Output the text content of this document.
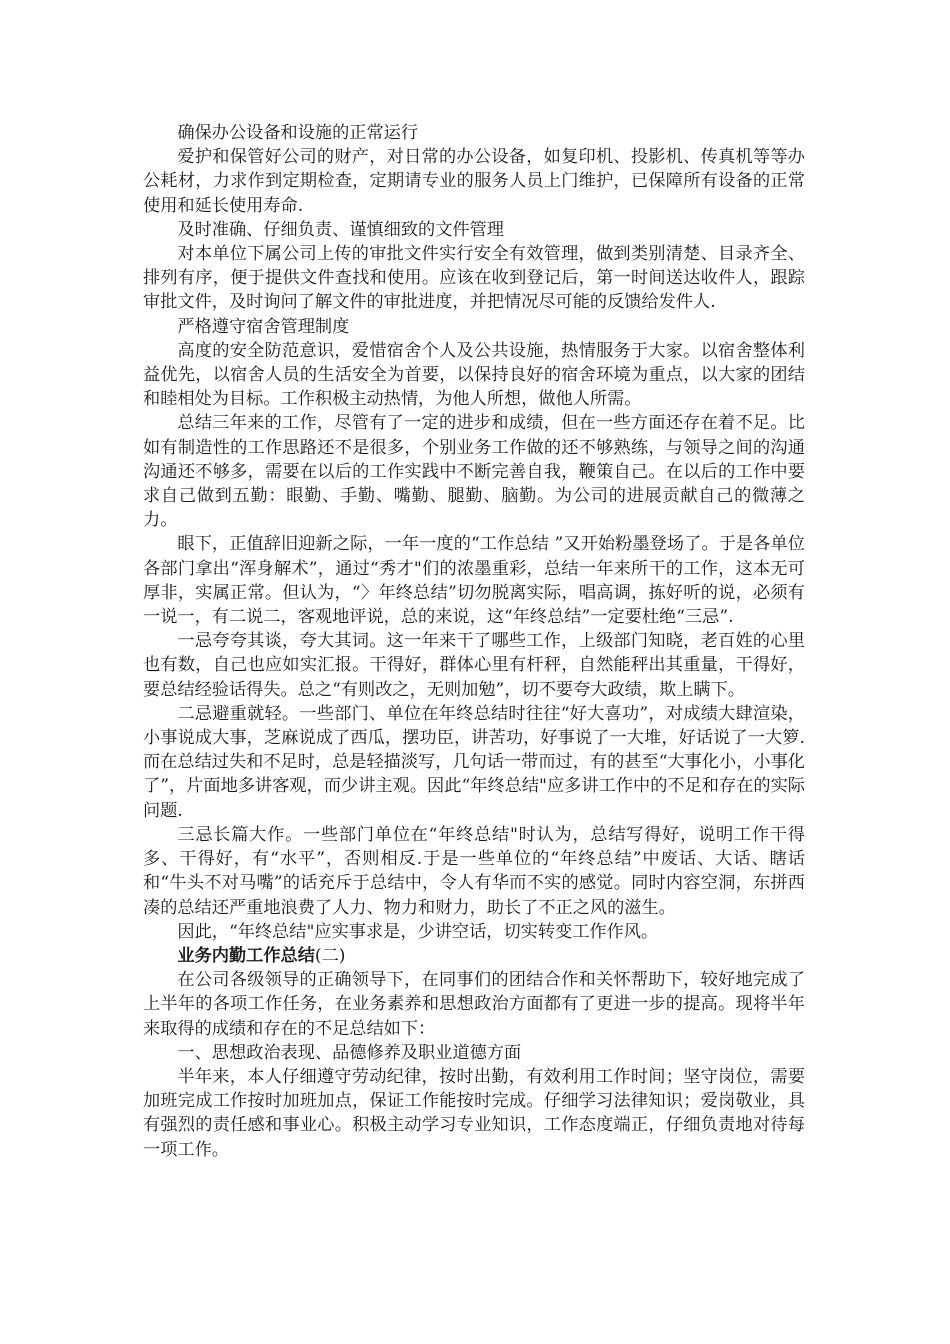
确保办公设备和设施的正常运行

爱护和保管好公司的财产，对日常的办公设备，如复印机、投影机、传真机等等办公耗材，力求作到定期检查，定期请专业的服务人员上门维护，已保障所有设备的正常使用和延长使用寿命.

及时准确、仔细负责、谨慎细致的文件管理

对本单位下属公司上传的审批文件实行安全有效管理，做到类别清楚、目录齐全、排列有序，便于提供文件查找和使用。应该在收到登记后，第一时间送达收件人，跟踪审批文件，及时询问了解文件的审批进度，并把情况尽可能的反馈给发件人.

严格遵守宿舍管理制度

高度的安全防范意识，爱惜宿舍个人及公共设施，热情服务于大家。以宿舍整体利益优先，以宿舍人员的生活安全为首要，以保持良好的宿舍环境为重点，以大家的团结和睦相处为目标。工作积极主动热情，为他人所想，做他人所需。

总结三年来的工作，尽管有了一定的进步和成绩，但在一些方面还存在着不足。比如有制造性的工作思路还不是很多，个别业务工作做的还不够熟练，与领导之间的沟通沟通还不够多，需要在以后的工作实践中不断完善自我，鞭策自己。在以后的工作中要求自己做到五勤：眼勤、手勤、嘴勤、腿勤、脑勤。为公司的进展贡献自己的微薄之力。

眼下，正值辞旧迎新之际，一年一度的“工作总结 ”又开始粉墨登场了。于是各单位各部门拿出“浑身解术”，通过“秀才"们的浓墨重彩，总结一年来所干的工作，这本无可厚非，实属正常。但认为，“〉年终总结”切勿脱离实际，唱高调，拣好听的说，必须有一说一，有二说二，客观地评说，总的来说，这“年终总结”一定要杜绝“三忌”.

一忌夸夸其谈，夸大其词。这一年来干了哪些工作，上级部门知晓，老百姓的心里也有数，自己也应如实汇报。干得好，群体心里有杆秤，自然能秤出其重量，干得好，要总结经验话得失。总之“有则改之，无则加勉”，切不要夸大政绩，欺上瞒下。

二忌避重就轻。一些部门、单位在年终总结时往往“好大喜功”，对成绩大肆渲染，小事说成大事，芝麻说成了西瓜，摆功臣，讲苦功，好事说了一大堆，好话说了一大箩.而在总结过失和不足时，总是轻描淡写，几句话一带而过，有的甚至“大事化小，小事化了”，片面地多讲客观，而少讲主观。因此“年终总结"应多讲工作中的不足和存在的实际问题.

三忌长篇大作。一些部门单位在“年终总结"时认为，总结写得好，说明工作干得多、干得好，有“水平”，否则相反.于是一些单位的“年终总结”中废话、大话、瞎话和“牛头不对马嘴”的话充斥于总结中，令人有华而不实的感觉。同时内容空洞，东拼西凑的总结还严重地浪费了人力、物力和财力，助长了不正之风的滋生。

因此，“年终总结"应实事求是，少讲空话，切实转变工作作风。

业务内勤工作总结(二)

在公司各级领导的正确领导下，在同事们的团结合作和关怀帮助下，较好地完成了上半年的各项工作任务，在业务素养和思想政治方面都有了更进一步的提高。现将半年来取得的成绩和存在的不足总结如下：

一、思想政治表现、品德修养及职业道德方面

半年来，本人仔细遵守劳动纪律，按时出勤，有效利用工作时间；坚守岗位，需要加班完成工作按时加班加点，保证工作能按时完成。仔细学习法律知识；爱岗敬业，具有强烈的责任感和事业心。积极主动学习专业知识，工作态度端正，仔细负责地对待每一项工作。
